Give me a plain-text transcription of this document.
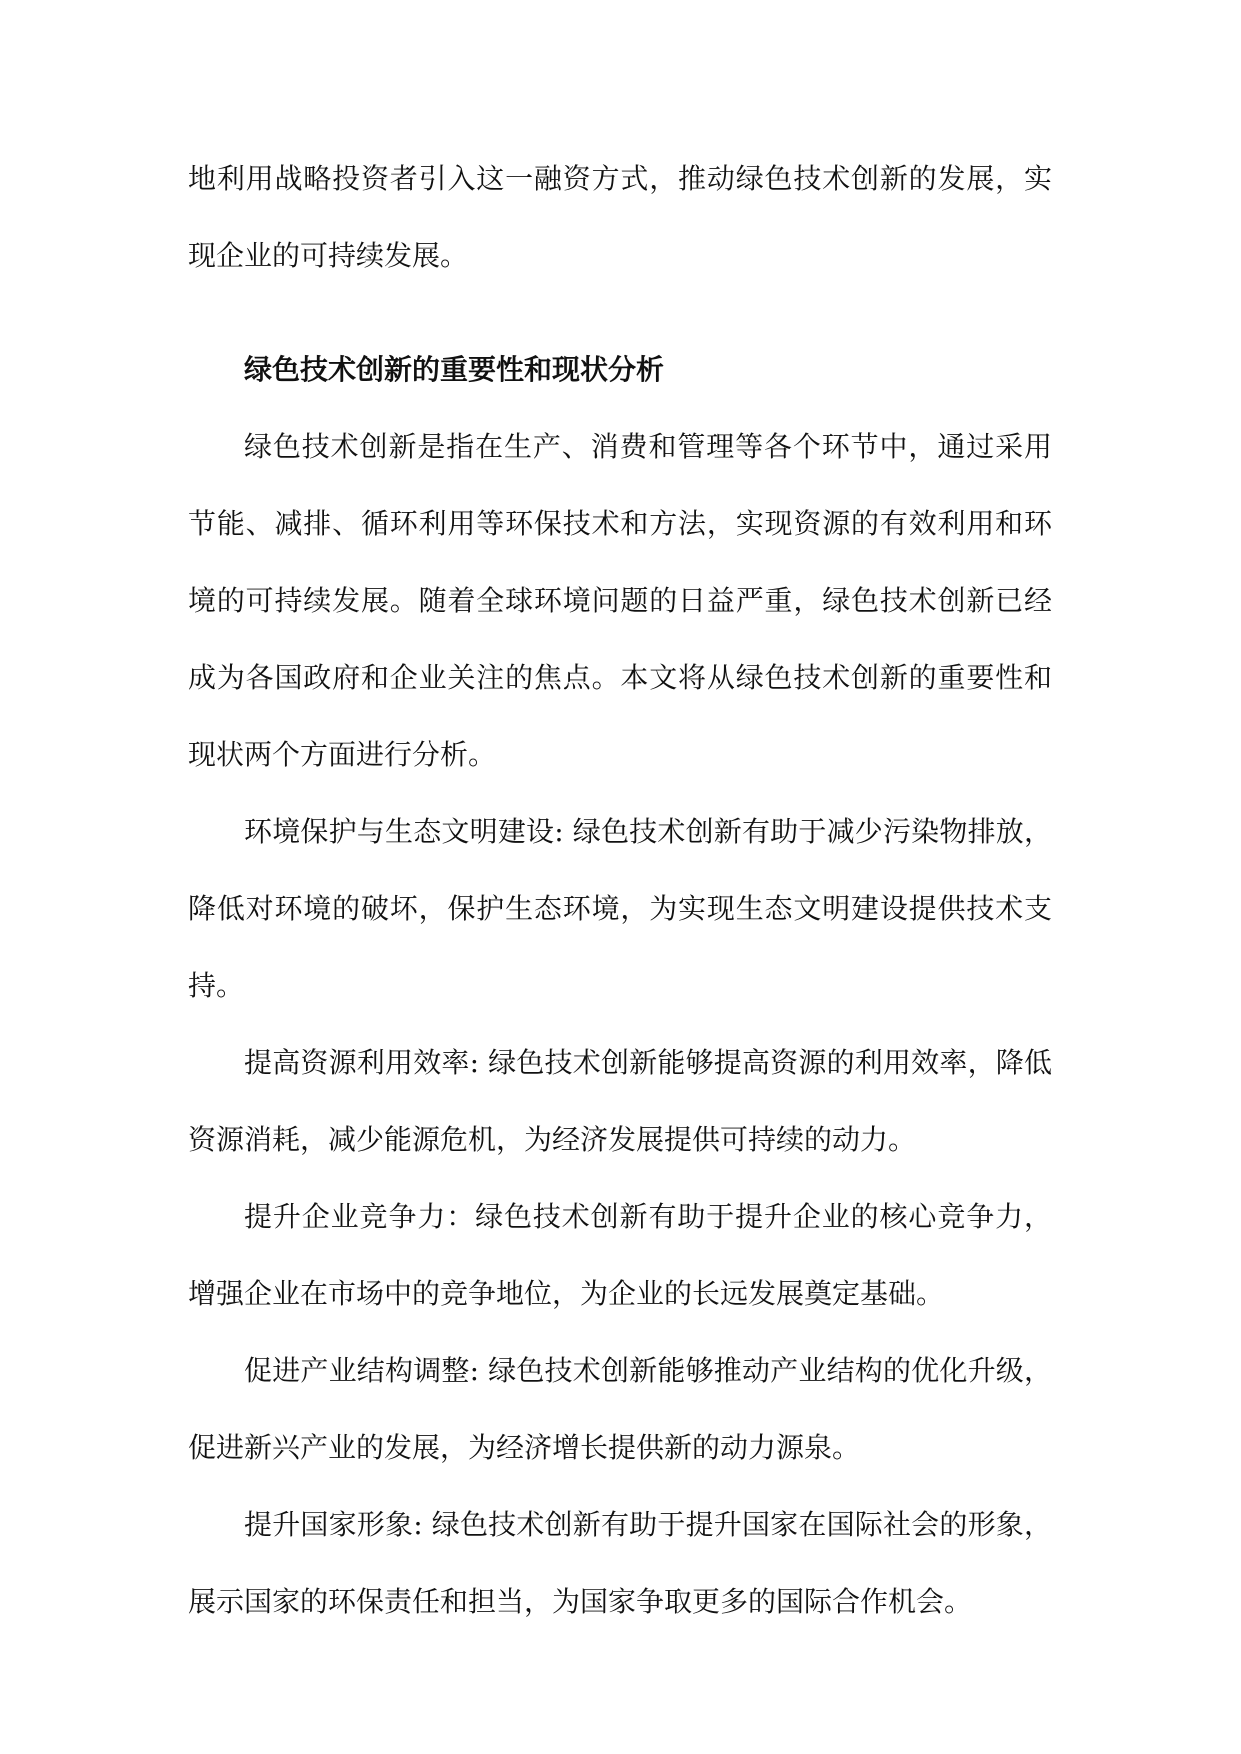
地利用战略投资者引入这一融资方式，推动绿色技术创新的发展，实现企业的可持续发展。

绿色技术创新的重要性和现状分析

绿色技术创新是指在生产、消费和管理等各个环节中，通过采用节能、减排、循环利用等环保技术和方法，实现资源的有效利用和环境的可持续发展。随着全球环境问题的日益严重，绿色技术创新已经成为各国政府和企业关注的焦点。本文将从绿色技术创新的重要性和现状两个方面进行分析。

环境保护与生态文明建设: 绿色技术创新有助于减少污染物排放，降低对环境的破坏，保护生态环境，为实现生态文明建设提供技术支持。

提高资源利用效率: 绿色技术创新能够提高资源的利用效率，降低资源消耗，减少能源危机，为经济发展提供可持续的动力。

提升企业竞争力：绿色技术创新有助于提升企业的核心竞争力，增强企业在市场中的竞争地位，为企业的长远发展奠定基础。

促进产业结构调整: 绿色技术创新能够推动产业结构的优化升级，促进新兴产业的发展，为经济增长提供新的动力源泉。

提升国家形象: 绿色技术创新有助于提升国家在国际社会的形象，展示国家的环保责任和担当，为国家争取更多的国际合作机会。
